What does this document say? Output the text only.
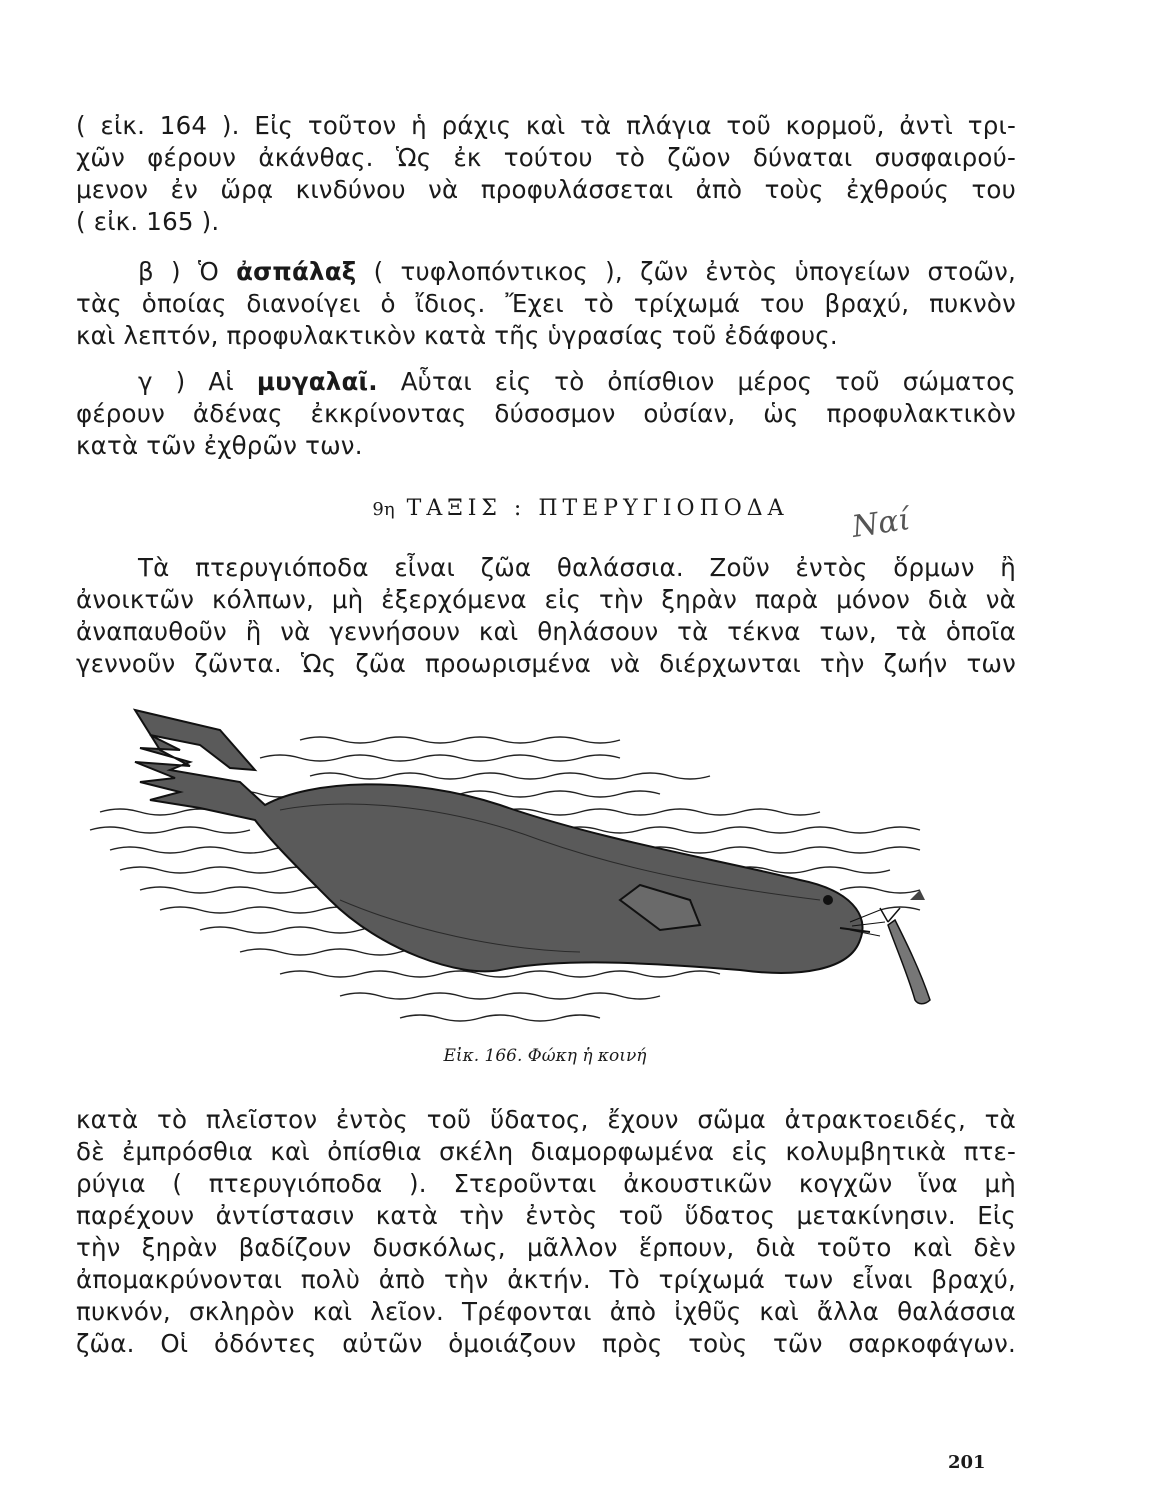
( εἰκ. 164 ). Εἰς τοῦτον ἡ ράχις καὶ τὰ πλάγια τοῦ κορμοῦ, ἀντὶ τρι-
χῶν φέρουν ἀκάνθας. Ὡς ἐκ τούτου τὸ ζῶον δύναται συσφαιρού-
μενον ἐν ὥρᾳ κινδύνου νὰ προφυλάσσεται ἀπὸ τοὺς ἐχθρούς του
( εἰκ. 165 ).
β ) Ὁ ἀσπάλαξ ( τυφλοπόντικος ), ζῶν ἐντὸς ὑπογείων στοῶν,
τὰς ὁποίας διανοίγει ὁ ἴδιος. Ἔχει τὸ τρίχωμά του βραχύ, πυκνὸν
καὶ λεπτόν, προφυλακτικὸν κατὰ τῆς ὑγρασίας τοῦ ἐδάφους.
γ ) Αἱ μυγαλαῖ. Αὗται εἰς τὸ ὀπίσθιον μέρος τοῦ σώματος
φέρουν ἀδένας ἐκκρίνοντας δύσοσμον οὐσίαν, ὡς προφυλακτικὸν
κατὰ τῶν ἐχθρῶν των.
9η ΤΑΞΙΣ : ΠΤΕΡΥΓΙΟΠΟΔΑ	Ναί
Τὰ πτερυγιόποδα εἶναι ζῶα θαλάσσια. Ζοῦν ἐντὸς ὅρμων ἢ
ἀνοικτῶν κόλπων, μὴ ἐξερχόμενα εἰς τὴν ξηρὰν παρὰ μόνον διὰ νὰ
ἀναπαυθοῦν ἢ νὰ γεννήσουν καὶ θηλάσουν τὰ τέκνα των, τὰ ὁποῖα
γεννοῦν ζῶντα. Ὡς ζῶα προωρισμένα νὰ διέρχωνται τὴν ζωήν των
Εἰκ. 166. Φώκη ἡ κοινή
κατὰ τὸ πλεῖστον ἐντὸς τοῦ ὕδατος, ἔχουν σῶμα ἀτρακτοειδές, τὰ
δὲ ἐμπρόσθια καὶ ὀπίσθια σκέλη διαμορφωμένα εἰς κολυμβητικὰ πτε-
ρύγια ( πτερυγιόποδα ). Στεροῦνται ἀκουστικῶν κογχῶν ἵνα μὴ
παρέχουν ἀντίστασιν κατὰ τὴν ἐντὸς τοῦ ὕδατος μετακίνησιν. Εἰς
τὴν ξηρὰν βαδίζουν δυσκόλως, μᾶλλον ἕρπουν, διὰ τοῦτο καὶ δὲν
ἀπομακρύνονται πολὺ ἀπὸ τὴν ἀκτήν. Τὸ τρίχωμά των εἶναι βραχύ,
πυκνόν, σκληρὸν καὶ λεῖον. Τρέφονται ἀπὸ ἰχθῦς καὶ ἄλλα θαλάσσια
ζῶα. Οἱ ὀδόντες αὐτῶν ὁμοιάζουν πρὸς τοὺς τῶν σαρκοφάγων.
201
